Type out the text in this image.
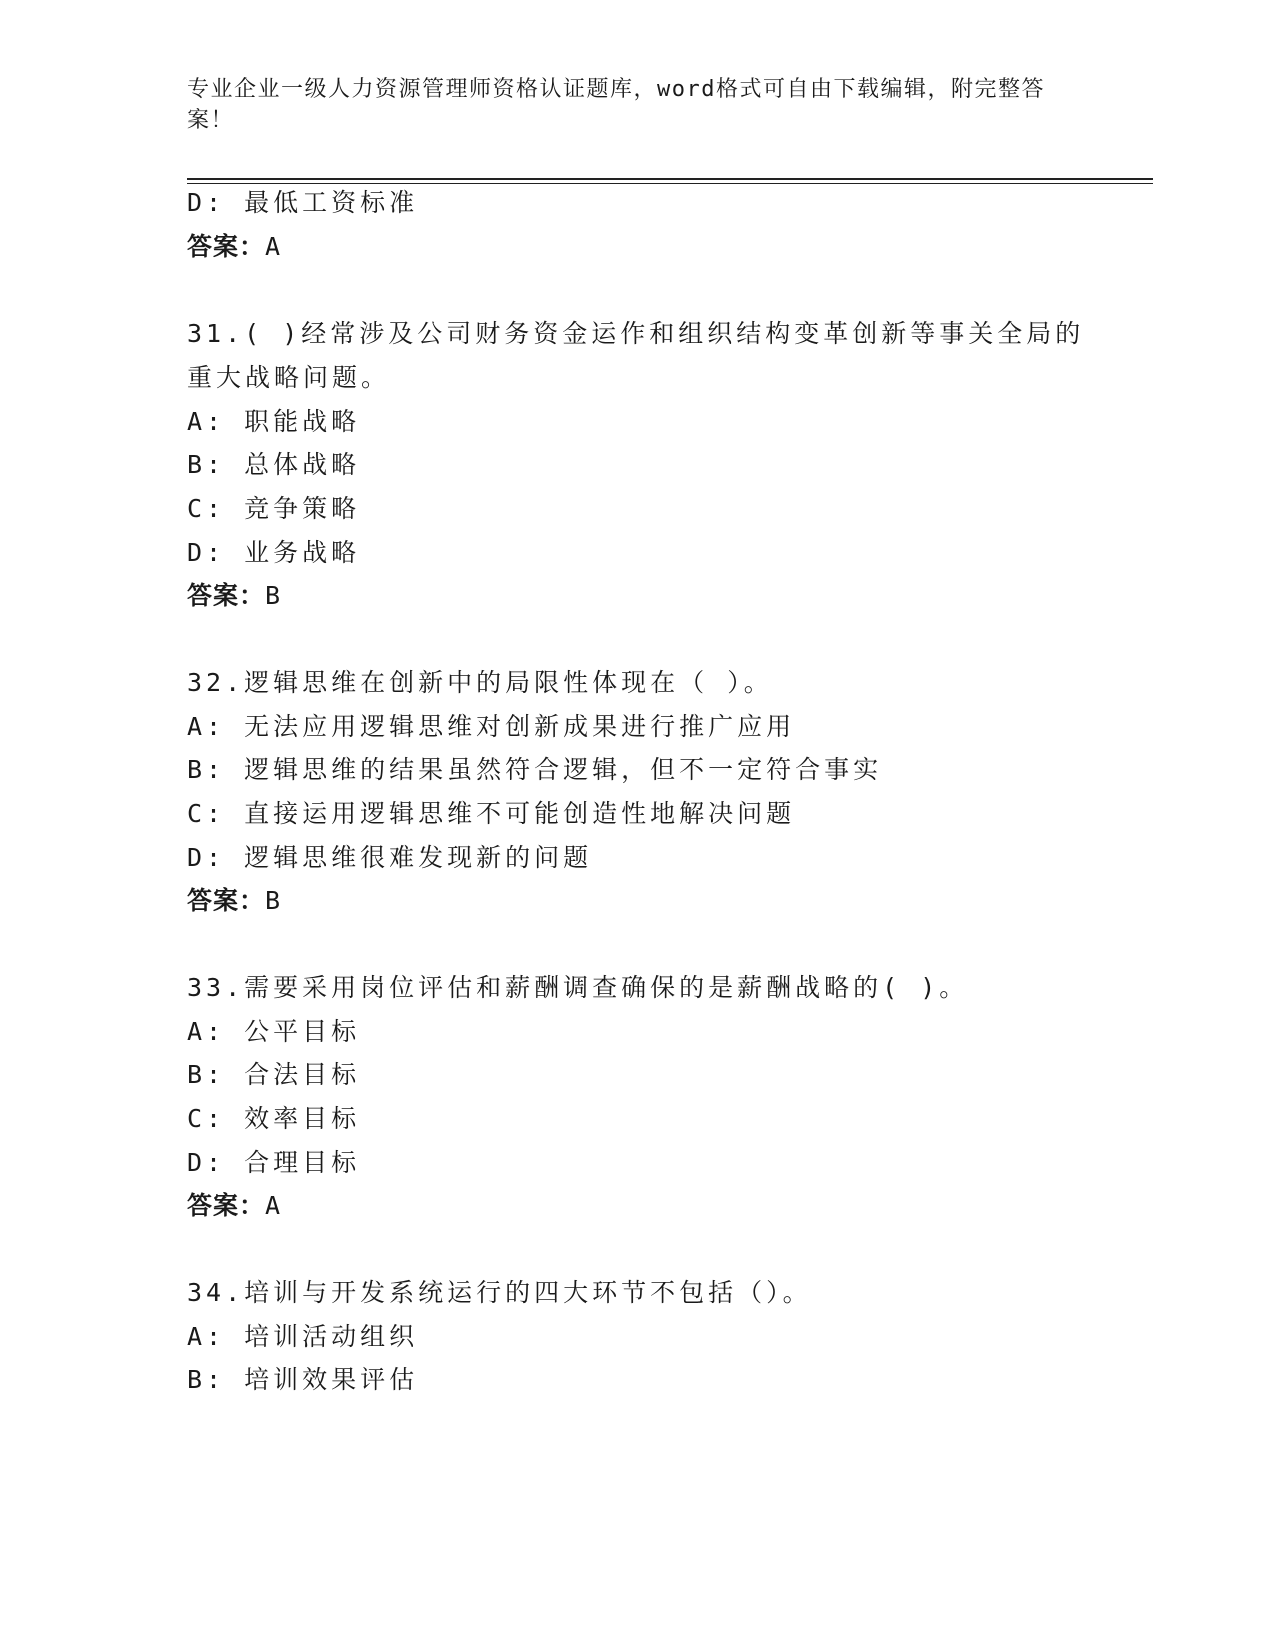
专业企业一级人力资源管理师资格认证题库，word格式可自由下载编辑，附完整答案！
D: 最低工资标准
答案：A
31.( )经常涉及公司财务资金运作和组织结构变革创新等事关全局的
重大战略问题。
A: 职能战略
B: 总体战略
C: 竞争策略
D: 业务战略
答案：B
32.逻辑思维在创新中的局限性体现在（ ）。
A: 无法应用逻辑思维对创新成果进行推广应用
B: 逻辑思维的结果虽然符合逻辑，但不一定符合事实
C: 直接运用逻辑思维不可能创造性地解决问题
D: 逻辑思维很难发现新的问题
答案：B
33.需要采用岗位评估和薪酬调查确保的是薪酬战略的( )。
A: 公平目标
B: 合法目标
C: 效率目标
D: 合理目标
答案：A
34.培训与开发系统运行的四大环节不包括（）。
A: 培训活动组织
B: 培训效果评估
